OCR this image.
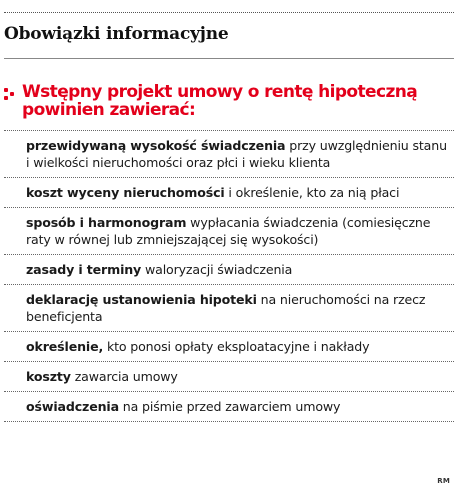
Obowiązki informacyjne
Wstępny projekt umowy o rentę hipoteczną powinien zawierać:
przewidywaną wysokość świadczenia przy uwzględnieniu stanu i wielkości nieruchomości oraz płci i wieku klienta
koszt wyceny nieruchomości i określenie, kto za nią płaci
sposób i harmonogram wypłacania świadczenia (comiesięczne raty w równej lub zmniejszającej się wysokości)
zasady i terminy waloryzacji świadczenia
deklarację ustanowienia hipoteki na nieruchomości na rzecz beneficjenta
określenie, kto ponosi opłaty eksploatacyjne i nakłady
koszty zawarcia umowy
oświadczenia na piśmie przed zawarciem umowy
RM
